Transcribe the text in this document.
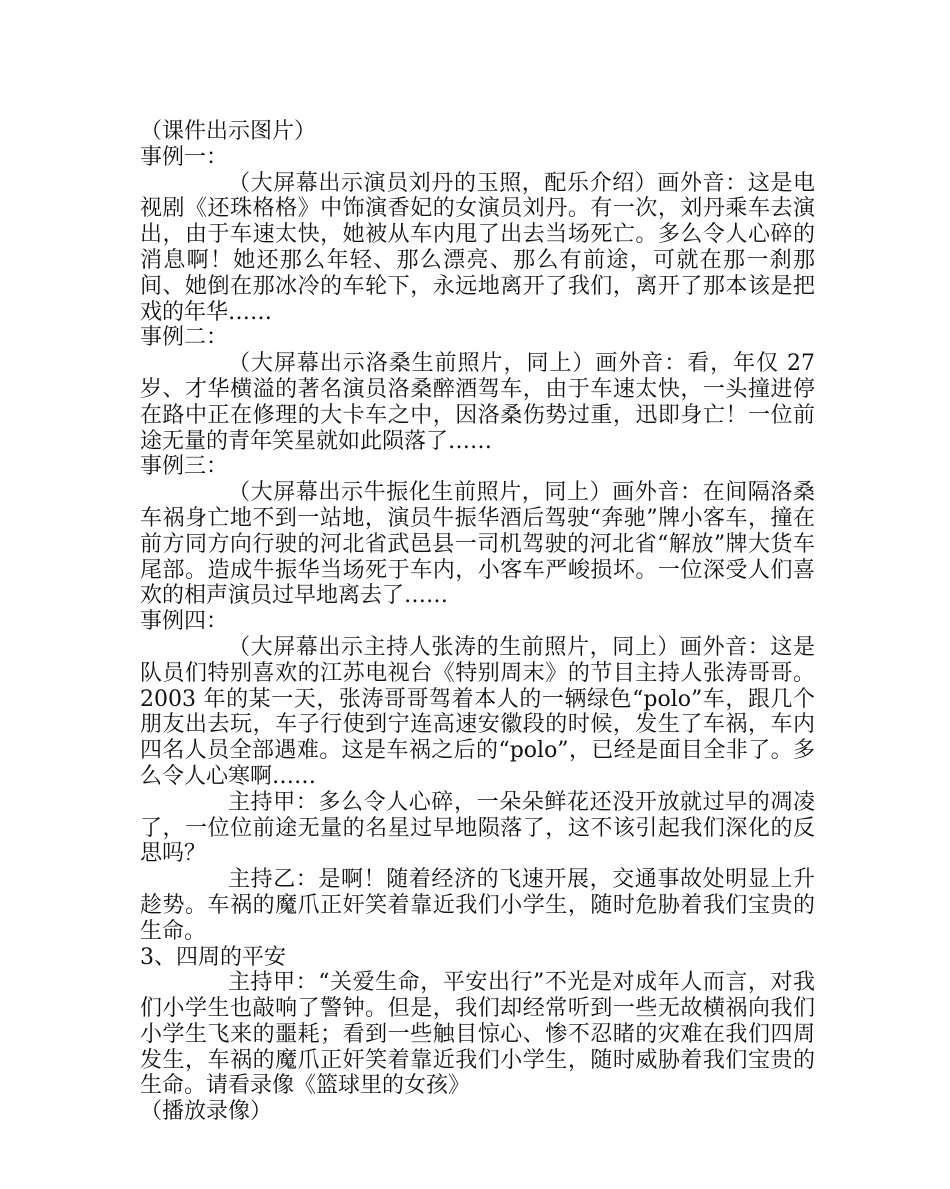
（课件出示图片）

事例一：

（大屏幕出示演员刘丹的玉照，配乐介绍）画外音：这是电视剧《还珠格格》中饰演香妃的女演员刘丹。有一次，刘丹乘车去演出，由于车速太快，她被从车内甩了出去当场死亡。多么令人心碎的消息啊！她还那么年轻、那么漂亮、那么有前途，可就在那一刹那间、她倒在那冰冷的车轮下，永远地离开了我们，离开了那本该是把戏的年华……

事例二：

（大屏幕出示洛桑生前照片，同上）画外音：看，年仅 27 岁、才华横溢的著名演员洛桑醉酒驾车，由于车速太快，一头撞进停在路中正在修理的大卡车之中，因洛桑伤势过重，迅即身亡！一位前途无量的青年笑星就如此陨落了……

事例三：

（大屏幕出示牛振化生前照片，同上）画外音：在间隔洛桑车祸身亡地不到一站地，演员牛振华酒后驾驶“奔驰”牌小客车，撞在前方同方向行驶的河北省武邑县一司机驾驶的河北省“解放”牌大货车尾部。造成牛振华当场死于车内，小客车严峻损坏。一位深受人们喜欢的相声演员过早地离去了……

事例四：

（大屏幕出示主持人张涛的生前照片，同上）画外音：这是队员们特别喜欢的江苏电视台《特别周末》的节目主持人张涛哥哥。2003 年的某一天，张涛哥哥驾着本人的一辆绿色“polo”车，跟几个朋友出去玩，车子行使到宁连高速安徽段的时候，发生了车祸，车内四名人员全部遇难。这是车祸之后的“polo”，已经是面目全非了。多么令人心寒啊……

主持甲：多么令人心碎，一朵朵鲜花还没开放就过早的凋凌了，一位位前途无量的名星过早地陨落了，这不该引起我们深化的反思吗？

主持乙：是啊！随着经济的飞速开展，交通事故处明显上升趁势。车祸的魔爪正奸笑着靠近我们小学生，随时危胁着我们宝贵的生命。

3、四周的平安

主持甲：“关爱生命，平安出行”不光是对成年人而言，对我们小学生也敲响了警钟。但是，我们却经常听到一些无故横祸向我们小学生飞来的噩耗；看到一些触目惊心、惨不忍睹的灾难在我们四周发生，车祸的魔爪正奸笑着靠近我们小学生，随时威胁着我们宝贵的生命。请看录像《篮球里的女孩》

（播放录像）
